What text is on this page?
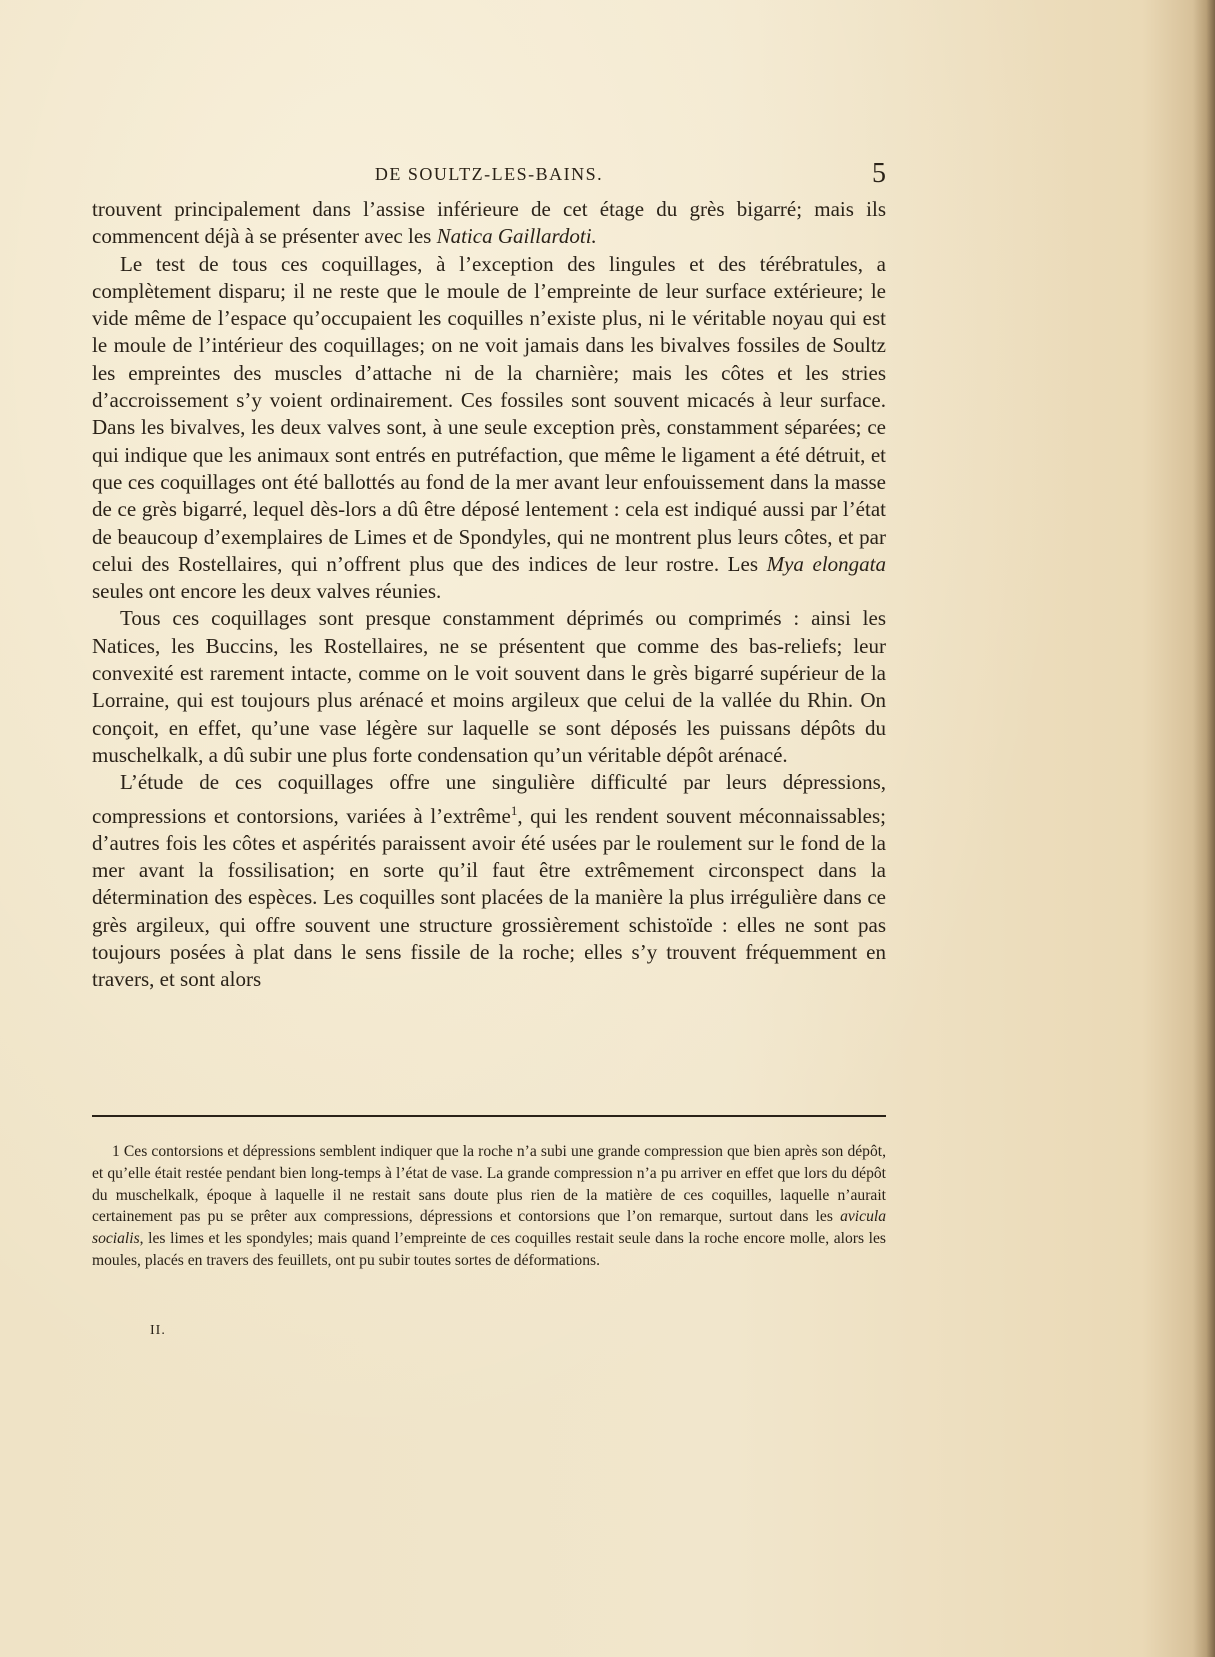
DE SOULTZ-LES-BAINS.	5

trouvent principalement dans l’assise inférieure de cet étage du grès bigarré; mais ils commencent déjà à se présenter avec les Natica Gaillardoti.

Le test de tous ces coquillages, à l’exception des lingules et des térébratules, a complètement disparu; il ne reste que le moule de l’empreinte de leur surface extérieure; le vide même de l’espace qu’occupaient les coquilles n’existe plus, ni le véritable noyau qui est le moule de l’intérieur des coquillages; on ne voit jamais dans les bivalves fossiles de Soultz les empreintes des muscles d’attache ni de la charnière; mais les côtes et les stries d’accroissement s’y voient ordinairement. Ces fossiles sont souvent micacés à leur surface. Dans les bivalves, les deux valves sont, à une seule exception près, constamment séparées; ce qui indique que les animaux sont entrés en putréfaction, que même le ligament a été détruit, et que ces coquillages ont été ballottés au fond de la mer avant leur enfouissement dans la masse de ce grès bigarré, lequel dès-lors a dû être déposé lentement : cela est indiqué aussi par l’état de beaucoup d’exemplaires de Limes et de Spondyles, qui ne montrent plus leurs côtes, et par celui des Rostellaires, qui n’offrent plus que des indices de leur rostre. Les Mya elongata seules ont encore les deux valves réunies.

Tous ces coquillages sont presque constamment déprimés ou comprimés : ainsi les Natices, les Buccins, les Rostellaires, ne se présentent que comme des bas-reliefs; leur convexité est rarement intacte, comme on le voit souvent dans le grès bigarré supérieur de la Lorraine, qui est toujours plus arénacé et moins argileux que celui de la vallée du Rhin. On conçoit, en effet, qu’une vase légère sur laquelle se sont déposés les puissans dépôts du muschelkalk, a dû subir une plus forte condensation qu’un véritable dépôt arénacé.

L’étude de ces coquillages offre une singulière difficulté par leurs dépressions, compressions et contorsions, variées à l’extrême$^1$, qui les rendent souvent méconnaissables; d’autres fois les côtes et aspérités paraissent avoir été usées par le roulement sur le fond de la mer avant la fossilisation; en sorte qu’il faut être extrêmement circonspect dans la détermination des espèces. Les coquilles sont placées de la manière la plus irrégulière dans ce grès argileux, qui offre souvent une structure grossièrement schistoïde : elles ne sont pas toujours posées à plat dans le sens fissile de la roche; elles s’y trouvent fréquemment en travers, et sont alors

1 Ces contorsions et dépressions semblent indiquer que la roche n’a subi une grande compression que bien après son dépôt, et qu’elle était restée pendant bien long-temps à l’état de vase. La grande compression n’a pu arriver en effet que lors du dépôt du muschelkalk, époque à laquelle il ne restait sans doute plus rien de la matière de ces coquilles, laquelle n’aurait certainement pas pu se prêter aux compressions, dépressions et contorsions que l’on remarque, surtout dans les avicula socialis, les limes et les spondyles; mais quand l’empreinte de ces coquilles restait seule dans la roche encore molle, alors les moules, placés en travers des feuillets, ont pu subir toutes sortes de déformations.

II.
